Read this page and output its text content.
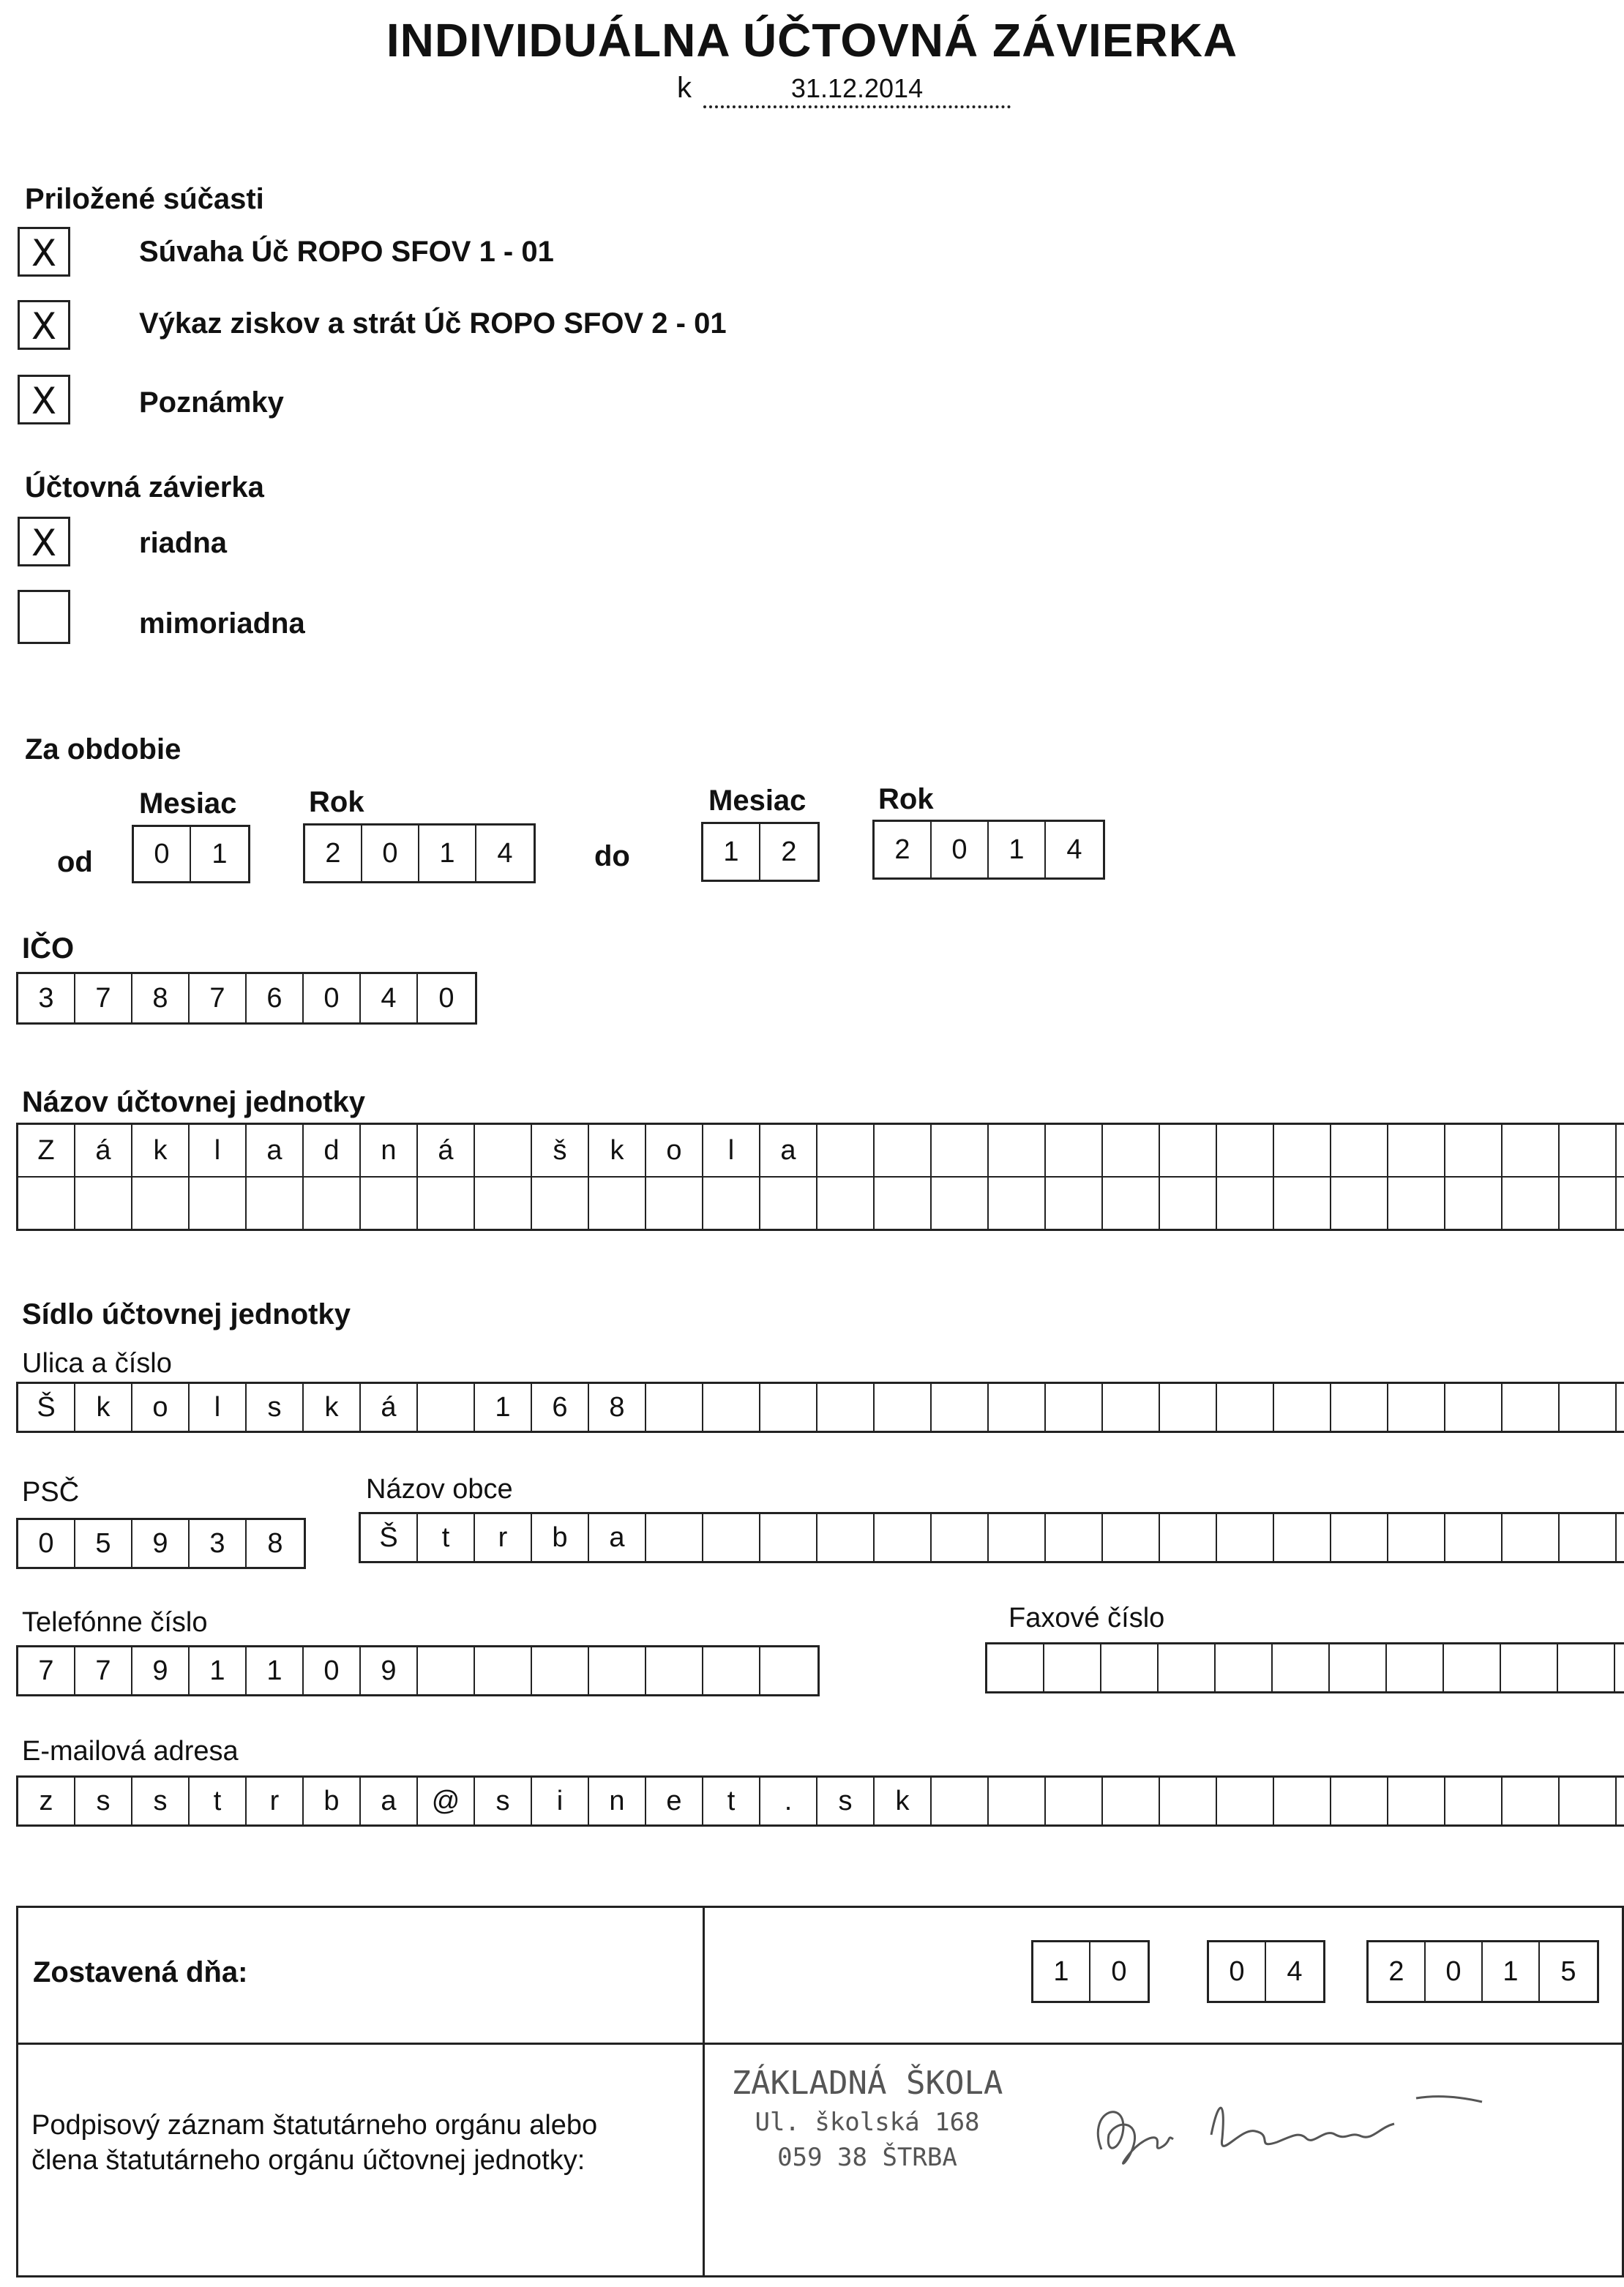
INDIVIDUÁLNA ÚČTOVNÁ ZÁVIERKA
k	31.12.2014
Priložené súčasti
X	Súvaha Úč ROPO SFOV 1 - 01
X	Výkaz ziskov a strát Úč ROPO SFOV 2 - 01
X	Poznámky
Účtovná závierka
X	riadna
mimoriadna
Za obdobie
Mesiac Rok
od	0	1	2	0	1	4
Mesiac Rok
do	1	2	2	0	1	4
IČO
3	7	8	7	6	0	4	0
Názov účtovnej jednotky
Z	á	k	l	a	d	n	á	š	k	o	l	a
Sídlo účtovnej jednotky
Ulica a číslo
Š	k	o	l	s	k	á	1	6	8
PSČ
0	5	9	3	8
Názov obce
Š	t	r	b	a
Telefónne číslo
7	7	9	1	1	0	9
Faxové číslo
E-mailová adresa
z	s	s	t	r	b	a	@	s	i	n	e	t	.	s	k
Zostavená dňa:	1	0	0	4	2	0	1	5
Podpisový záznam štatutárneho orgánu alebo
člena štatutárneho orgánu účtovnej jednotky:
ZÁKLADNÁ ŠKOLA
Ul. školská 168
059 38 ŠTRBA
